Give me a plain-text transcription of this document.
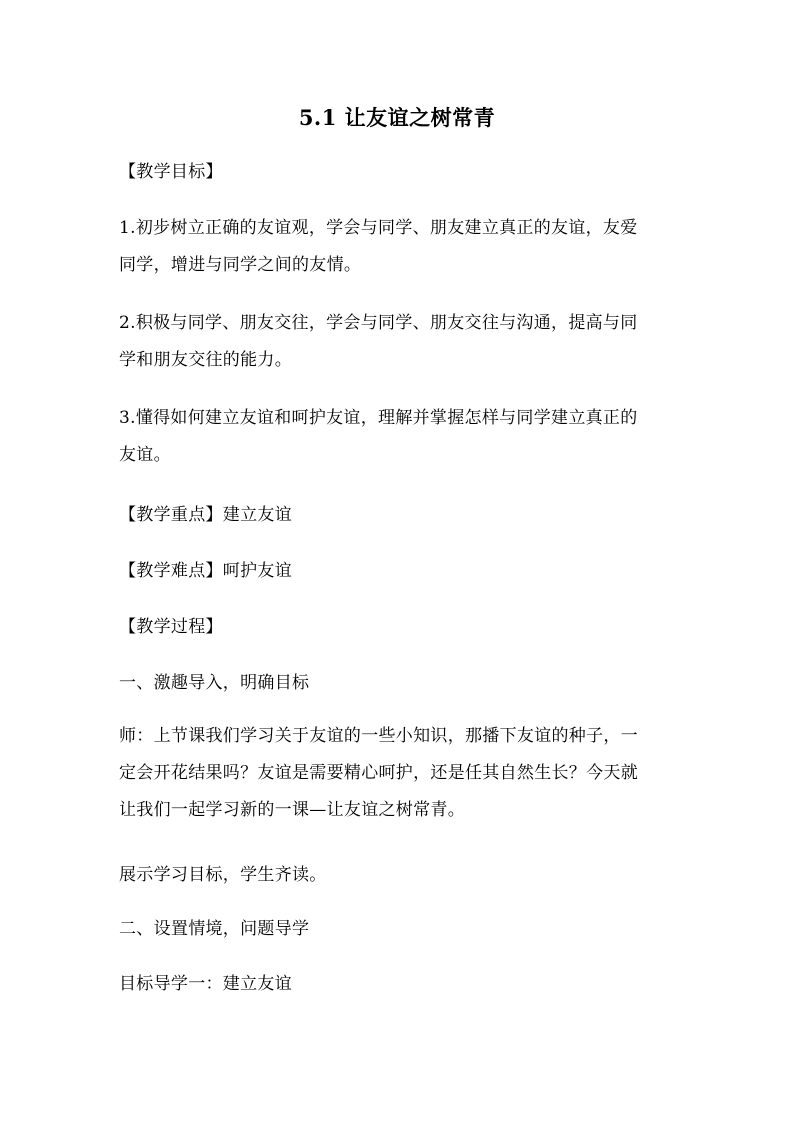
5.1 让友谊之树常青

【教学目标】

1.初步树立正确的友谊观，学会与同学、朋友建立真正的友谊，友爱
同学，增进与同学之间的友情。

2.积极与同学、朋友交往，学会与同学、朋友交往与沟通，提高与同
学和朋友交往的能力。

3.懂得如何建立友谊和呵护友谊，理解并掌握怎样与同学建立真正的
友谊。

【教学重点】建立友谊

【教学难点】呵护友谊

【教学过程】

一、激趣导入，明确目标

师：上节课我们学习关于友谊的一些小知识，那播下友谊的种子，一
定会开花结果吗？友谊是需要精心呵护，还是任其自然生长？今天就
让我们一起学习新的一课—让友谊之树常青。

展示学习目标，学生齐读。

二、设置情境，问题导学

目标导学一：建立友谊
